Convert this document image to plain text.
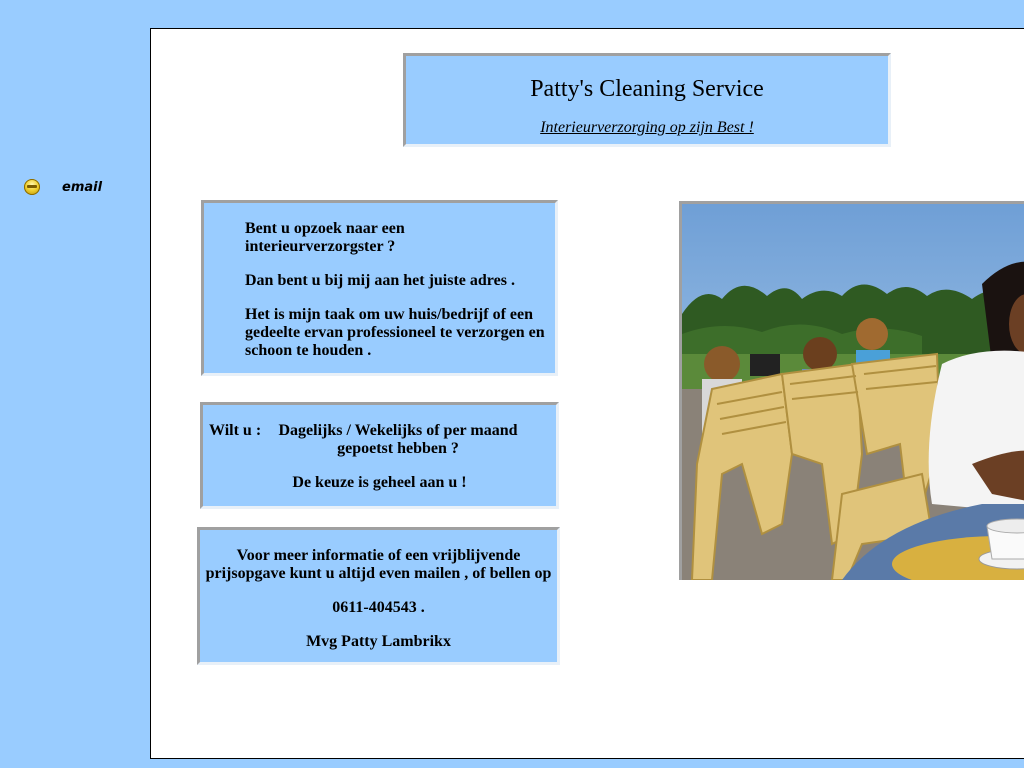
email
Patty's Cleaning Service
Interieurverzorging op zijn Best !

Bent u opzoek naar een interieurverzorgster ?

Dan bent u bij mij aan het juiste adres .

Het is mijn taak om uw huis/bedrijf of een gedeelte ervan professioneel te verzorgen en schoon te houden .

Wilt u :	Dagelijks / Wekelijks of per maand gepoetst hebben ?
De keuze is geheel aan u !
Voor meer informatie of een vrijblijvende
prijsopgave kunt u altijd even mailen , of bellen op
0611-404543 .
Mvg Patty Lambrikx
